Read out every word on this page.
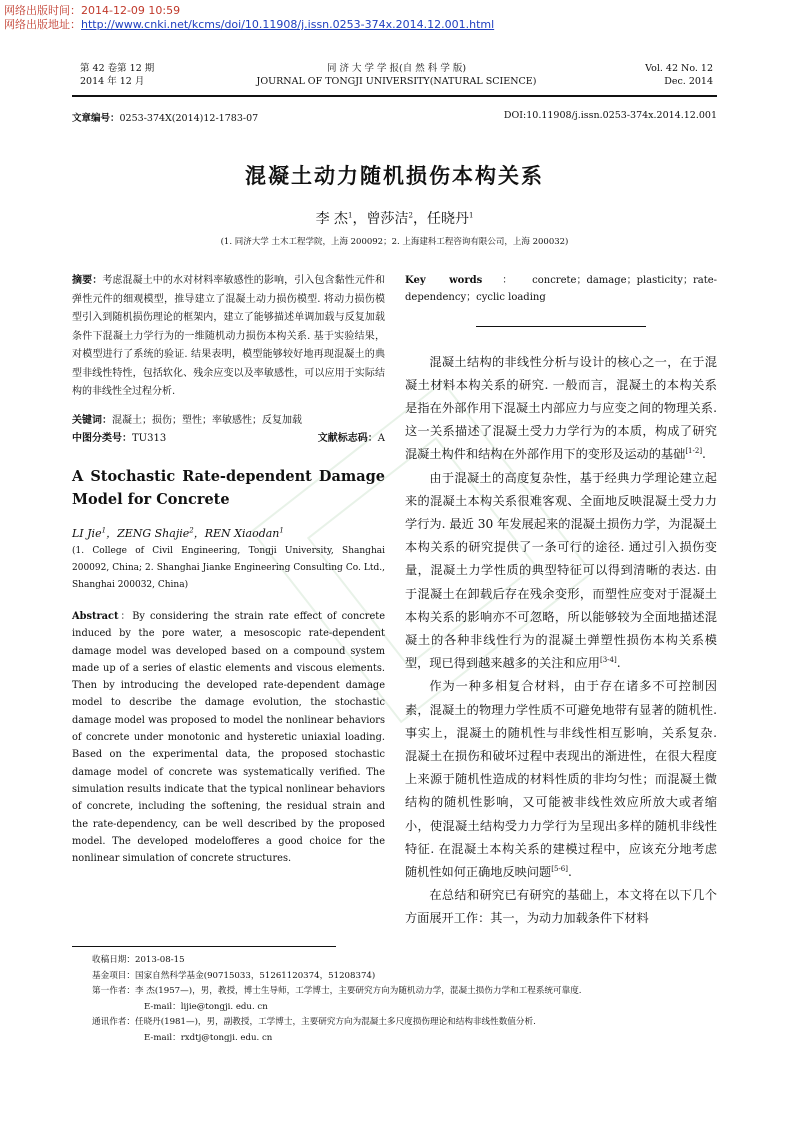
网络出版时间：2014-12-09 10:59
网络出版地址：http://www.cnki.net/kcms/doi/10.11908/j.issn.0253-374x.2014.12.001.html
第 42 卷第 12 期
2014 年 12 月
同 济 大 学 学 报(自 然 科 学 版)
JOURNAL OF TONGJI UNIVERSITY(NATURAL SCIENCE)
Vol. 42 No. 12
Dec. 2014
文章编号：0253-374X(2014)12-1783-07	DOI:10.11908/j.issn.0253-374x.2014.12.001
混凝土动力随机损伤本构关系
李 杰$^1$，曾莎洁$^2$，任晓丹$^1$
(1. 同济大学 土木工程学院，上海 200092；2. 上海建科工程咨询有限公司，上海 200032)

摘要：考虑混凝土中的水对材料率敏感性的影响，引入包含黏性元件和弹性元件的细观模型，推导建立了混凝土动力损伤模型. 将动力损伤模型引入到随机损伤理论的框架内，建立了能够描述单调加载与反复加载条件下混凝土力学行为的一维随机动力损伤本构关系. 基于实验结果，对模型进行了系统的验证. 结果表明，模型能够较好地再现混凝土的典型非线性特性，包括软化、残余应变以及率敏感性，可以应用于实际结构的非线性全过程分析.

关键词：混凝土；损伤；塑性；率敏感性；反复加载

中图分类号：TU313	文献标志码：A

A Stochastic Rate-dependent Damage Model for Concrete

LI Jie$^1$，ZENG Shajie$^2$，REN Xiaodan$^1$

(1. College of Civil Engineering, Tongji University, Shanghai 200092, China; 2. Shanghai Jianke Engineering Consulting Co. Ltd., Shanghai 200032, China)

Abstract：By considering the strain rate effect of concrete induced by the pore water, a mesoscopic rate-dependent damage model was developed based on a compound system made up of a series of elastic elements and viscous elements. Then by introducing the developed rate-dependent damage model to describe the damage evolution, the stochastic damage model was proposed to model the nonlinear behaviors of concrete under monotonic and hysteretic uniaxial loading. Based on the experimental data, the proposed stochastic damage model of concrete was systematically verified. The simulation results indicate that the typical nonlinear behaviors of concrete, including the softening, the residual strain and the rate-dependency, can be well described by the proposed model. The developed modelofferes a good choice for the nonlinear simulation of concrete structures.

Key words：concrete；damage；plasticity；rate-dependency；cyclic loading

混凝土结构的非线性分析与设计的核心之一，在于混凝土材料本构关系的研究. 一般而言，混凝土的本构关系是指在外部作用下混凝土内部应力与应变之间的物理关系. 这一关系描述了混凝土受力力学行为的本质，构成了研究混凝土构件和结构在外部作用下的变形及运动的基础[1-2].

由于混凝土的高度复杂性，基于经典力学理论建立起来的混凝土本构关系很难客观、全面地反映混凝土受力力学行为. 最近 30 年发展起来的混凝土损伤力学，为混凝土本构关系的研究提供了一条可行的途径. 通过引入损伤变量，混凝土力学性质的典型特征可以得到清晰的表达. 由于混凝土在卸载后存在残余变形，而塑性应变对于混凝土本构关系的影响亦不可忽略，所以能够较为全面地描述混凝土的各种非线性行为的混凝土弹塑性损伤本构关系模型，现已得到越来越多的关注和应用[3-4].

作为一种多相复合材料，由于存在诸多不可控制因素，混凝土的物理力学性质不可避免地带有显著的随机性. 事实上，混凝土的随机性与非线性相互影响，关系复杂. 混凝土在损伤和破坏过程中表现出的渐进性，在很大程度上来源于随机性造成的材料性质的非均匀性；而混凝土微结构的随机性影响，又可能被非线性效应所放大或者缩小，使混凝土结构受力力学行为呈现出多样的随机非线性特征. 在混凝土本构关系的建模过程中，应该充分地考虑随机性如何正确地反映问题[5-6].

在总结和研究已有研究的基础上，本文将在以下几个方面展开工作：其一，为动力加载条件下材料

收稿日期：2013-08-15
基金项目：国家自然科学基金(90715033，51261120374，51208374)
第一作者：李 杰(1957—)，男，教授，博士生导师，工学博士，主要研究方向为随机动力学，混凝土损伤力学和工程系统可靠度.
E-mail：lijie@tongji. edu. cn
通讯作者：任晓丹(1981—)，男，副教授，工学博士，主要研究方向为混凝土多尺度损伤理论和结构非线性数值分析.
E-mail：rxdtj@tongji. edu. cn
